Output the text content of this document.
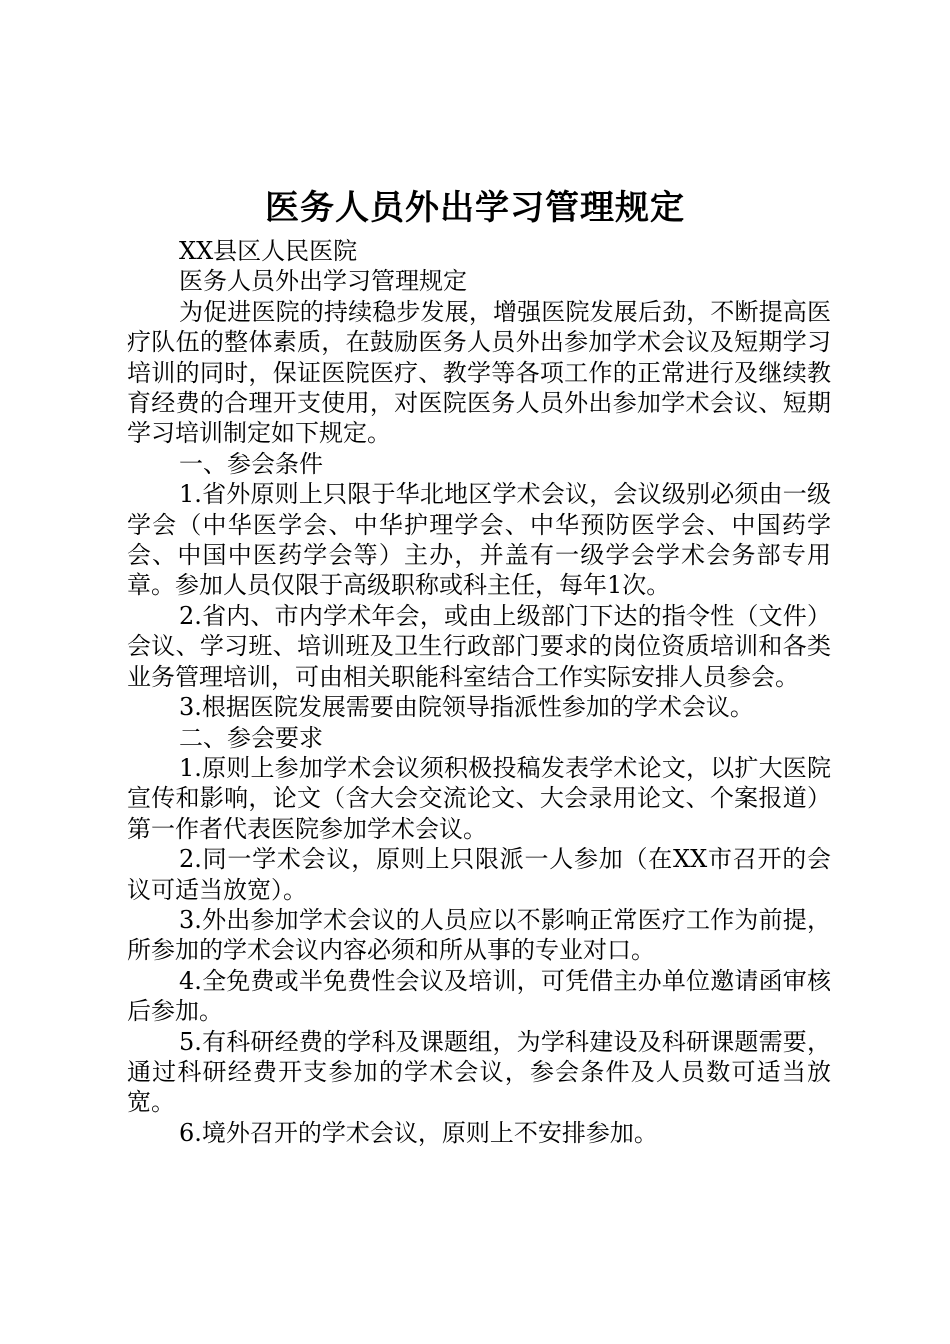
医务人员外出学习管理规定

XX县区人民医院

医务人员外出学习管理规定

为促进医院的持续稳步发展，增强医院发展后劲，不断提高医疗队伍的整体素质，在鼓励医务人员外出参加学术会议及短期学习培训的同时，保证医院医疗、教学等各项工作的正常进行及继续教育经费的合理开支使用，对医院医务人员外出参加学术会议、短期学习培训制定如下规定。

一、参会条件

1.省外原则上只限于华北地区学术会议，会议级别必须由一级学会（中华医学会、中华护理学会、中华预防医学会、中国药学会、中国中医药学会等）主办，并盖有一级学会学术会务部专用章。参加人员仅限于高级职称或科主任，每年1次。

2.省内、市内学术年会，或由上级部门下达的指令性（文件）会议、学习班、培训班及卫生行政部门要求的岗位资质培训和各类业务管理培训，可由相关职能科室结合工作实际安排人员参会。

3.根据医院发展需要由院领导指派性参加的学术会议。

二、参会要求

1.原则上参加学术会议须积极投稿发表学术论文，以扩大医院宣传和影响，论文（含大会交流论文、大会录用论文、个案报道）第一作者代表医院参加学术会议。

2.同一学术会议，原则上只限派一人参加（在XX市召开的会议可适当放宽）。

3.外出参加学术会议的人员应以不影响正常医疗工作为前提，所参加的学术会议内容必须和所从事的专业对口。

4.全免费或半免费性会议及培训，可凭借主办单位邀请函审核后参加。

5.有科研经费的学科及课题组，为学科建设及科研课题需要，通过科研经费开支参加的学术会议，参会条件及人员数可适当放宽。

6.境外召开的学术会议，原则上不安排参加。
